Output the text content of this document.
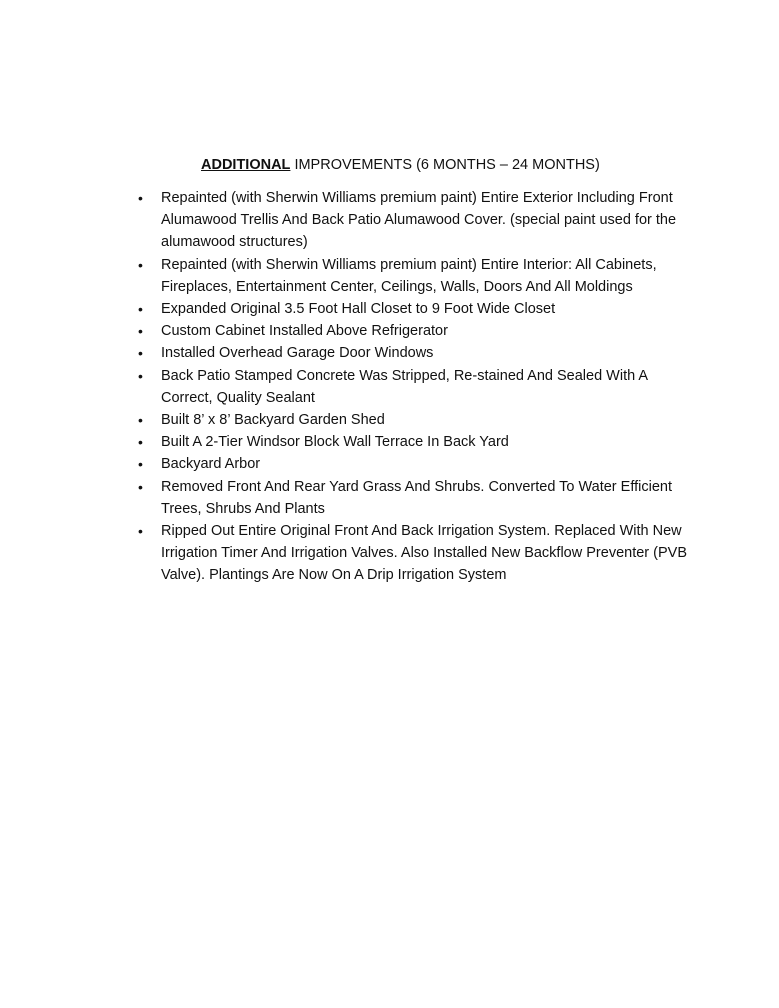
ADDITIONAL IMPROVEMENTS (6 MONTHS – 24 MONTHS)
• Repainted (with Sherwin Williams premium paint) Entire Exterior Including Front Alumawood Trellis And Back Patio Alumawood Cover. (special paint used for the alumawood structures)
• Repainted (with Sherwin Williams premium paint) Entire Interior: All Cabinets, Fireplaces, Entertainment Center, Ceilings, Walls, Doors And All Moldings
• Expanded Original 3.5 Foot Hall Closet to 9 Foot Wide Closet
• Custom Cabinet Installed Above Refrigerator
• Installed Overhead Garage Door Windows
• Back Patio Stamped Concrete Was Stripped, Re-stained And Sealed With A Correct, Quality Sealant
• Built 8’ x 8’ Backyard Garden Shed
• Built A 2-Tier Windsor Block Wall Terrace In Back Yard
• Backyard Arbor
• Removed Front And Rear Yard Grass And Shrubs. Converted To Water Efficient Trees, Shrubs And Plants
• Ripped Out Entire Original Front And Back Irrigation System. Replaced With New Irrigation Timer And Irrigation Valves. Also Installed New Backflow Preventer (PVB Valve). Plantings Are Now On A Drip Irrigation System
